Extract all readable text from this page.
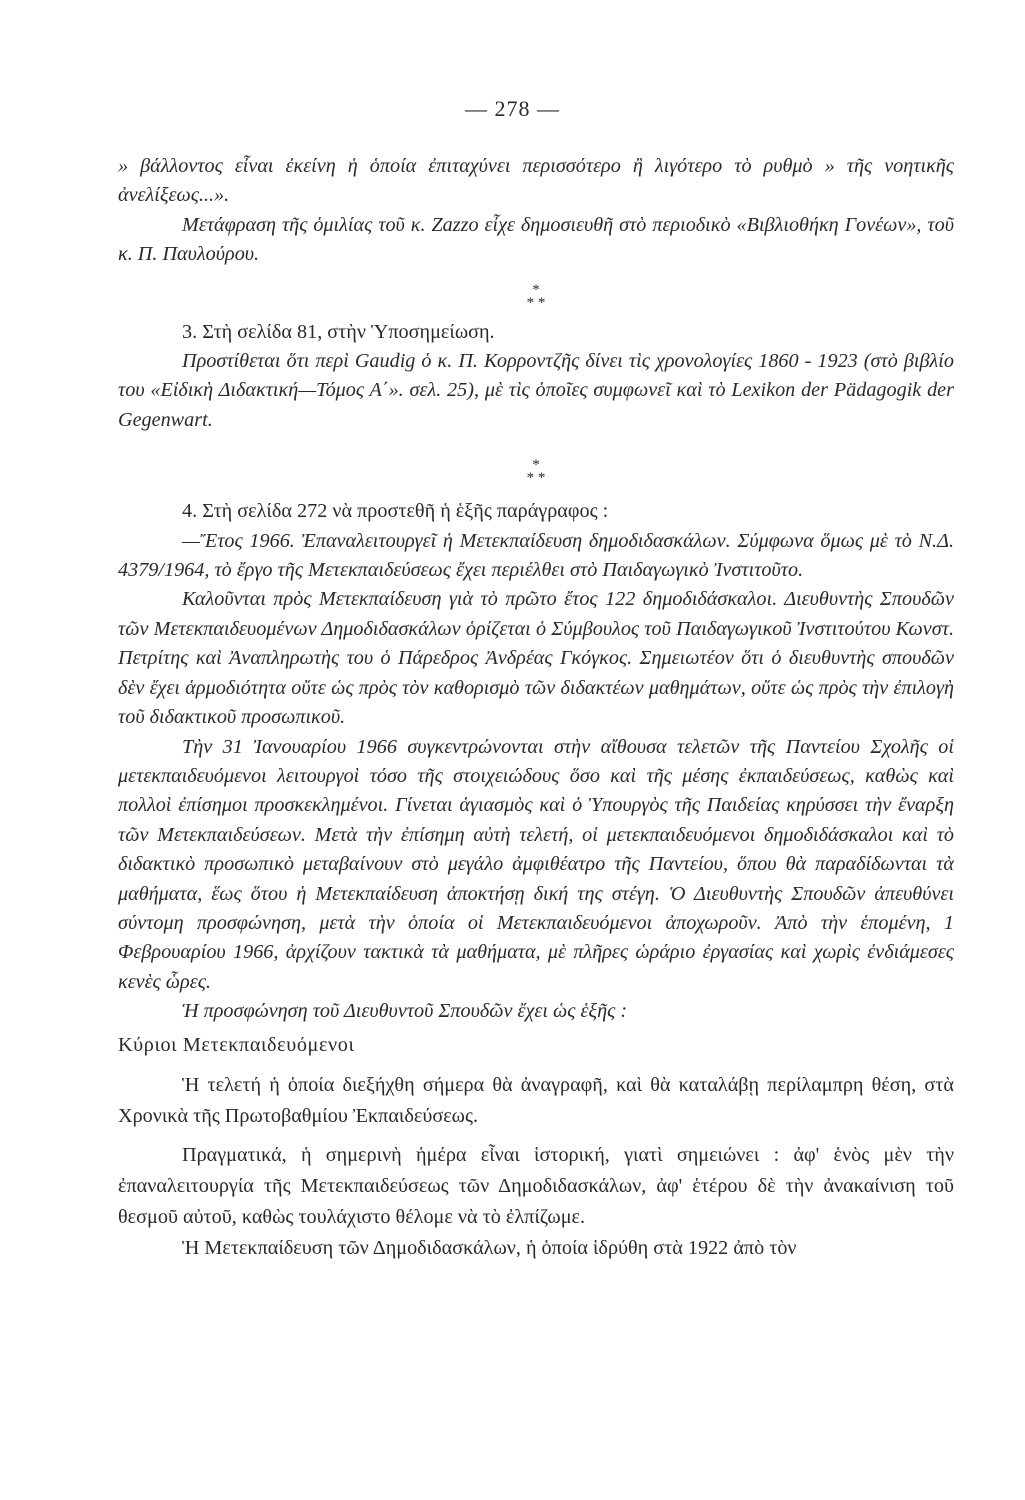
— 278 —

» βάλλοντος εἶναι ἐκείνη ἡ ὁποία ἐπιταχύνει περισσότερο ἢ λιγότερο τὸ ρυθμὸ » τῆς νοητικῆς ἀνελίξεως...».

Μετάφραση τῆς ὁμιλίας τοῦ κ. Zazzo εἶχε δημοσιευθῆ στὸ περιοδικὸ «Βιβλιοθήκη Γονέων», τοῦ κ. Π. Παυλούρου.

*
* *

3. Στὴ σελίδα 81, στὴν Ὑποσημείωση.

Προστίθεται ὅτι περὶ Gaudig ὁ κ. Π. Κορροντζῆς δίνει τὶς χρονολογίες 1860 - 1923 (στὸ βιβλίο του «Εἰδικὴ Διδακτική—Τόμος Α΄». σελ. 25), μὲ τὶς ὁποῖες συμφωνεῖ καὶ τὸ Lexikon der Pädagogik der Gegenwart.

*
* *

4. Στὴ σελίδα 272 νὰ προστεθῆ ἡ ἑξῆς παράγραφος :

—Ἔτος 1966. Ἐπαναλειτουργεῖ ἡ Μετεκπαίδευση δημοδιδασκάλων. Σύμφωνα ὅμως μὲ τὸ Ν.Δ. 4379/1964, τὸ ἔργο τῆς Μετεκπαιδεύσεως ἔχει περιέλθει στὸ Παιδαγωγικὸ Ἰνστιτοῦτο.

Καλοῦνται πρὸς Μετεκπαίδευση γιὰ τὸ πρῶτο ἔτος 122 δημοδιδάσκαλοι. Διευθυντὴς Σπουδῶν τῶν Μετεκπαιδευομένων Δημοδιδασκάλων ὁρίζεται ὁ Σύμβουλος τοῦ Παιδαγωγικοῦ Ἰνστιτούτου Κωνστ. Πετρίτης καὶ Ἀναπληρωτὴς του ὁ Πάρεδρος Ἀνδρέας Γκόγκος. Σημειωτέον ὅτι ὁ διευθυντὴς σπουδῶν δὲν ἔχει ἁρμοδιότητα οὔτε ὡς πρὸς τὸν καθορισμὸ τῶν διδακτέων μαθημάτων, οὔτε ὡς πρὸς τὴν ἐπιλογὴ τοῦ διδακτικοῦ προσωπικοῦ.

Τὴν 31 Ἰανουαρίου 1966 συγκεντρώνονται στὴν αἴθουσα τελετῶν τῆς Παντείου Σχολῆς οἱ μετεκπαιδευόμενοι λειτουργοὶ τόσο τῆς στοιχειώδους ὅσο καὶ τῆς μέσης ἐκπαιδεύσεως, καθὼς καὶ πολλοὶ ἐπίσημοι προσκεκλημένοι. Γίνεται ἁγιασμὸς καὶ ὁ Ὑπουργὸς τῆς Παιδείας κηρύσσει τὴν ἔναρξη τῶν Μετεκπαιδεύσεων. Μετὰ τὴν ἐπίσημη αὐτὴ τελετή, οἱ μετεκπαιδευόμενοι δημοδιδάσκαλοι καὶ τὸ διδακτικὸ προσωπικὸ μεταβαίνουν στὸ μεγάλο ἀμφιθέατρο τῆς Παντείου, ὅπου θὰ παραδίδωνται τὰ μαθήματα, ἕως ὅτου ἡ Μετεκπαίδευση ἀποκτήσῃ δική της στέγη. Ὁ Διευθυντὴς Σπουδῶν ἀπευθύνει σύντομη προσφώνηση, μετὰ τὴν ὁποία οἱ Μετεκπαιδευόμενοι ἀποχωροῦν. Ἀπὸ τὴν ἑπομένη, 1 Φεβρουαρίου 1966, ἀρχίζουν τακτικὰ τὰ μαθήματα, μὲ πλῆρες ὡράριο ἐργασίας καὶ χωρὶς ἐνδιάμεσες κενὲς ὧρες.

Ἡ προσφώνηση τοῦ Διευθυντοῦ Σπουδῶν ἔχει ὡς ἑξῆς :

Κύριοι Μετεκπαιδευόμενοι

Ἡ τελετή ἡ ὁποία διεξήχθη σήμερα θὰ ἀναγραφῆ, καὶ θὰ καταλάβῃ περίλαμπρη θέση, στὰ Χρονικὰ τῆς Πρωτοβαθμίου Ἐκπαιδεύσεως.

Πραγματικά, ἡ σημερινὴ ἡμέρα εἶναι ἱστορική, γιατὶ σημειώνει : ἀφ' ἑνὸς μὲν τὴν ἐπαναλειτουργία τῆς Μετεκπαιδεύσεως τῶν Δημοδιδασκάλων, ἀφ' ἑτέρου δὲ τὴν ἀνακαίνιση τοῦ θεσμοῦ αὐτοῦ, καθὼς τουλάχιστο θέλομε νὰ τὸ ἐλπίζωμε.

Ἡ Μετεκπαίδευση τῶν Δημοδιδασκάλων, ἡ ὁποία ἱδρύθη στὰ 1922 ἀπὸ τὸν
